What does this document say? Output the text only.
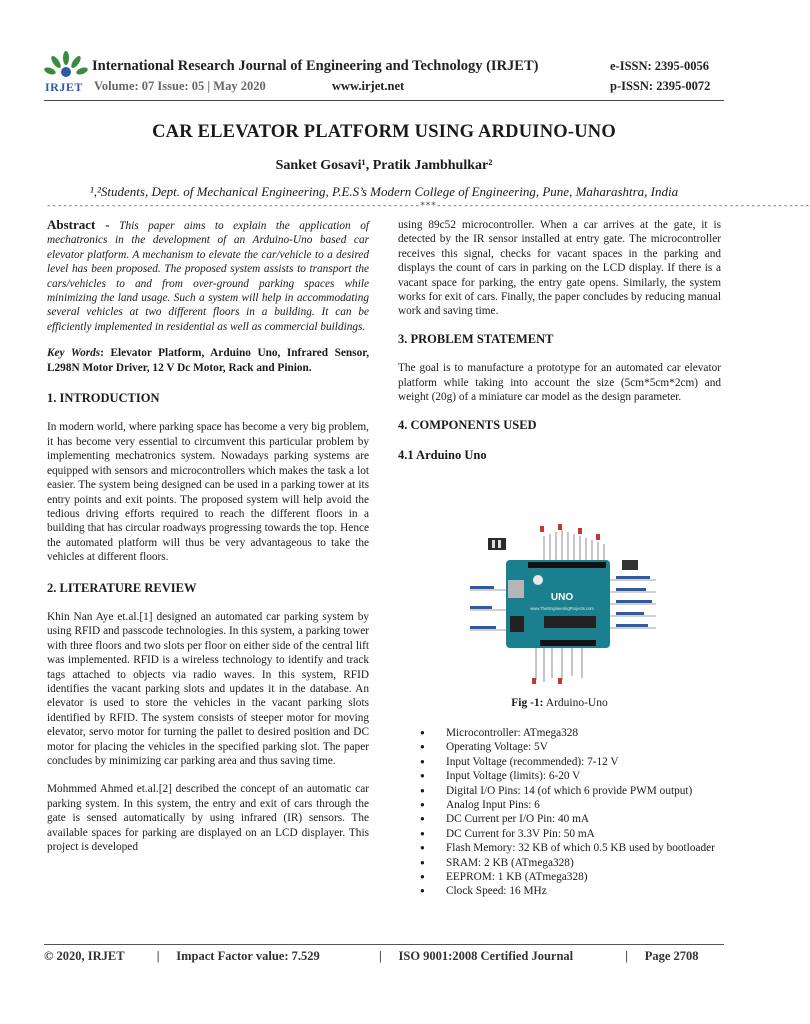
IRJET
International Research Journal of Engineering and Technology (IRJET)	e-ISSN: 2395-0056
Volume: 07 Issue: 05 | May 2020	www.irjet.net	p-ISSN: 2395-0072
CAR ELEVATOR PLATFORM USING ARDUINO-UNO
Sanket Gosavi¹, Pratik Jambhulkar²
¹,²Students, Dept. of Mechanical Engineering, P.E.S’s Modern College of Engineering, Pune, Maharashtra, India
---------------------------------------------------------------------***---------------------------------------------------------------------

Abstract - This paper aims to explain the application of mechatronics in the development of an Arduino-Uno based car elevator platform. A mechanism to elevate the car/vehicle to a desired level has been proposed. The proposed system assists to transport the cars/vehicles to and from over-ground parking spaces while minimizing the land usage. Such a system will help in accommodating several vehicles at two different floors in a building. It can be efficiently implemented in residential as well as commercial buildings.

Key Words: Elevator Platform, Arduino Uno, Infrared Sensor, L298N Motor Driver, 12 V Dc Motor, Rack and Pinion.

1. INTRODUCTION

In modern world, where parking space has become a very big problem, it has become very essential to circumvent this particular problem by implementing mechatronics system. Nowadays parking systems are equipped with sensors and microcontrollers which makes the task a lot easier. The system being designed can be used in a parking tower at its entry points and exit points. The proposed system will help avoid the tedious driving efforts required to reach the different floors in a building that has circular roadways progressing towards the top. Hence the automated platform will thus be very advantageous to take the vehicles at different floors.

2. LITERATURE REVIEW

Khin Nan Aye et.al.[1] designed an automated car parking system by using RFID and passcode technologies. In this system, a parking tower with three floors and two slots per floor on either side of the central lift was implemented. RFID is a wireless technology to identify and track tags attached to objects via radio waves. In this system, RFID identifies the vacant parking slots and updates it in the database. An elevator is used to store the vehicles in the vacant parking slots identified by RFID. The system consists of steeper motor for moving elevator, servo motor for turning the pallet to desired position and DC motor for placing the vehicles in the specified parking slot. The paper concludes by minimizing car parking area and thus saving time.

Mohmmed Ahmed et.al.[2] described the concept of an automatic car parking system. In this system, the entry and exit of cars through the gate is sensed automatically by using infrared (IR) sensors. The available spaces for parking are displayed on an LCD displayer. This project is developed

using 89c52 microcontroller. When a car arrives at the gate, it is detected by the IR sensor installed at entry gate. The microcontroller receives this signal, checks for vacant spaces in the parking and displays the count of cars in parking on the LCD display. If there is a vacant space for parking, the entry gate opens. Similarly, the system works for exit of cars. Finally, the paper concludes by reducing manual work and saving time.

3. PROBLEM STATEMENT

The goal is to manufacture a prototype for an automated car elevator platform while taking into account the size (5cm*5cm*2cm) and weight (20g) of a miniature car model as the design parameter.

4. COMPONENTS USED

4.1 Arduino Uno

UNO
www.TheEngineeringProjects.com
Fig -1: Arduino-Uno
● Microcontroller: ATmega328
● Operating Voltage: 5V
● Input Voltage (recommended): 7-12 V
● Input Voltage (limits): 6-20 V
● Digital I/O Pins: 14 (of which 6 provide PWM output)
● Analog Input Pins: 6
● DC Current per I/O Pin: 40 mA
● DC Current for 3.3V Pin: 50 mA
● Flash Memory: 32 KB of which 0.5 KB used by bootloader
● SRAM: 2 KB (ATmega328)
● EEPROM: 1 KB (ATmega328)
● Clock Speed: 16 MHz
© 2020, IRJET	| Impact Factor value: 7.529	| ISO 9001:2008 Certified Journal	| Page 2708
